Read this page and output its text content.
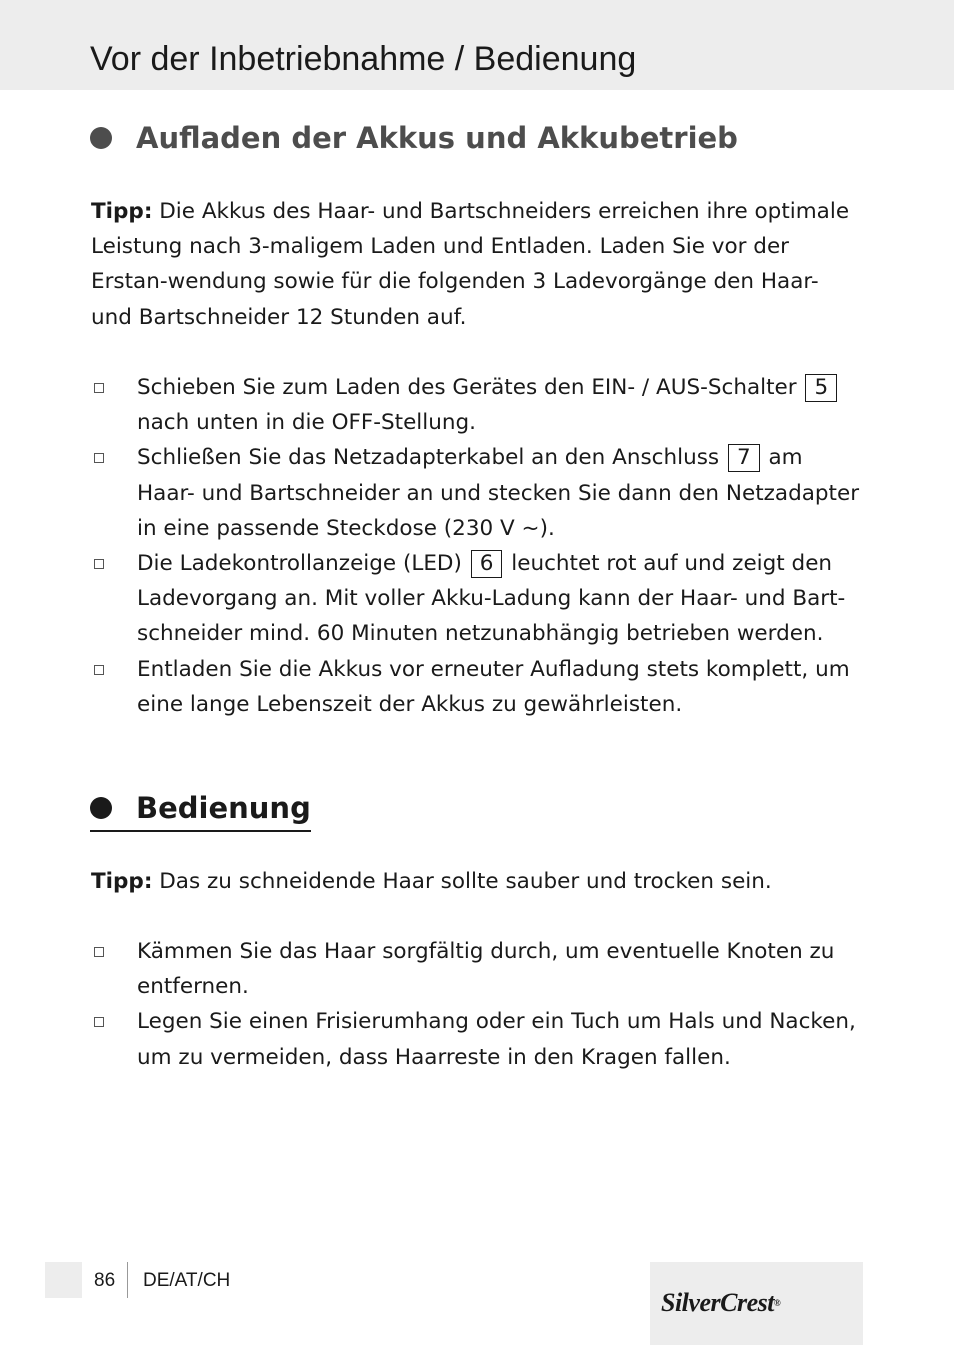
Vor der Inbetriebnahme / Bedienung
Aufladen der Akkus und Akkubetrieb

Tipp: Die Akkus des Haar- und Bartschneiders erreichen ihre optimale Leistung nach 3-maligem Laden und Entladen. Laden Sie vor der Erstan-wendung sowie für die folgenden 3 Ladevorgänge den Haar- und Bartschneider 12 Stunden auf.

Schieben Sie zum Laden des Gerätes den EIN- / AUS-Schalter 5 nach unten in die OFF-Stellung.
Schließen Sie das Netzadapterkabel an den Anschluss 7 am Haar- und Bartschneider an und stecken Sie dann den Netzadapter in eine passende Steckdose (230 V ~).
Die Ladekontrollanzeige (LED) 6 leuchtet rot auf und zeigt den Ladevorgang an. Mit voller Akku-Ladung kann der Haar- und Bart-schneider mind. 60 Minuten netzunabhängig betrieben werden.
Entladen Sie die Akkus vor erneuter Aufladung stets komplett, um eine lange Lebenszeit der Akkus zu gewährleisten.
Bedienung

Tipp: Das zu schneidende Haar sollte sauber und trocken sein.

Kämmen Sie das Haar sorgfältig durch, um eventuelle Knoten zu entfernen.
Legen Sie einen Frisierumhang oder ein Tuch um Hals und Nacken, um zu vermeiden, dass Haarreste in den Kragen fallen.
86 DE/AT/CH
SilverCrest®
